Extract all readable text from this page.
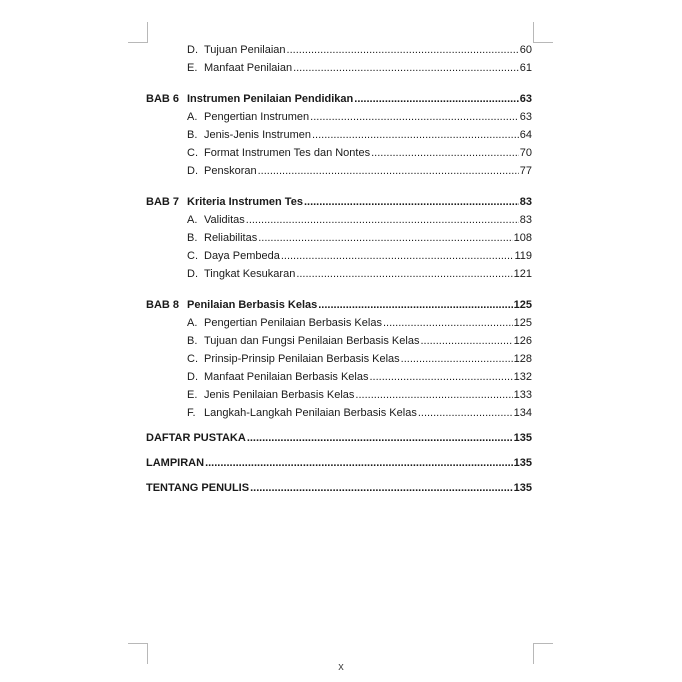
D. Tujuan Penilaian .....	60
E. Manfaat Penilaian .....	61
BAB 6 Instrumen Penilaian Pendidikan .....	63
A. Pengertian Instrumen .....	63
B. Jenis-Jenis Instrumen .....	64
C. Format Instrumen Tes dan Nontes .....	70
D. Penskoran .....	77
BAB 7 Kriteria Instrumen Tes .....	83
A. Validitas .....	83
B. Reliabilitas .....	108
C. Daya Pembeda .....	119
D. Tingkat Kesukaran .....	121
BAB 8 Penilaian Berbasis Kelas .....	125
A. Pengertian Penilaian Berbasis Kelas .....	125
B. Tujuan dan Fungsi Penilaian Berbasis Kelas .....	126
C. Prinsip-Prinsip Penilaian Berbasis Kelas .....	128
D. Manfaat Penilaian Berbasis Kelas .....	132
E. Jenis Penilaian Berbasis Kelas .....	133
F. Langkah-Langkah Penilaian Berbasis Kelas .....	134
DAFTAR PUSTAKA .....	135
LAMPIRAN .....	135
TENTANG PENULIS .....	135
x
